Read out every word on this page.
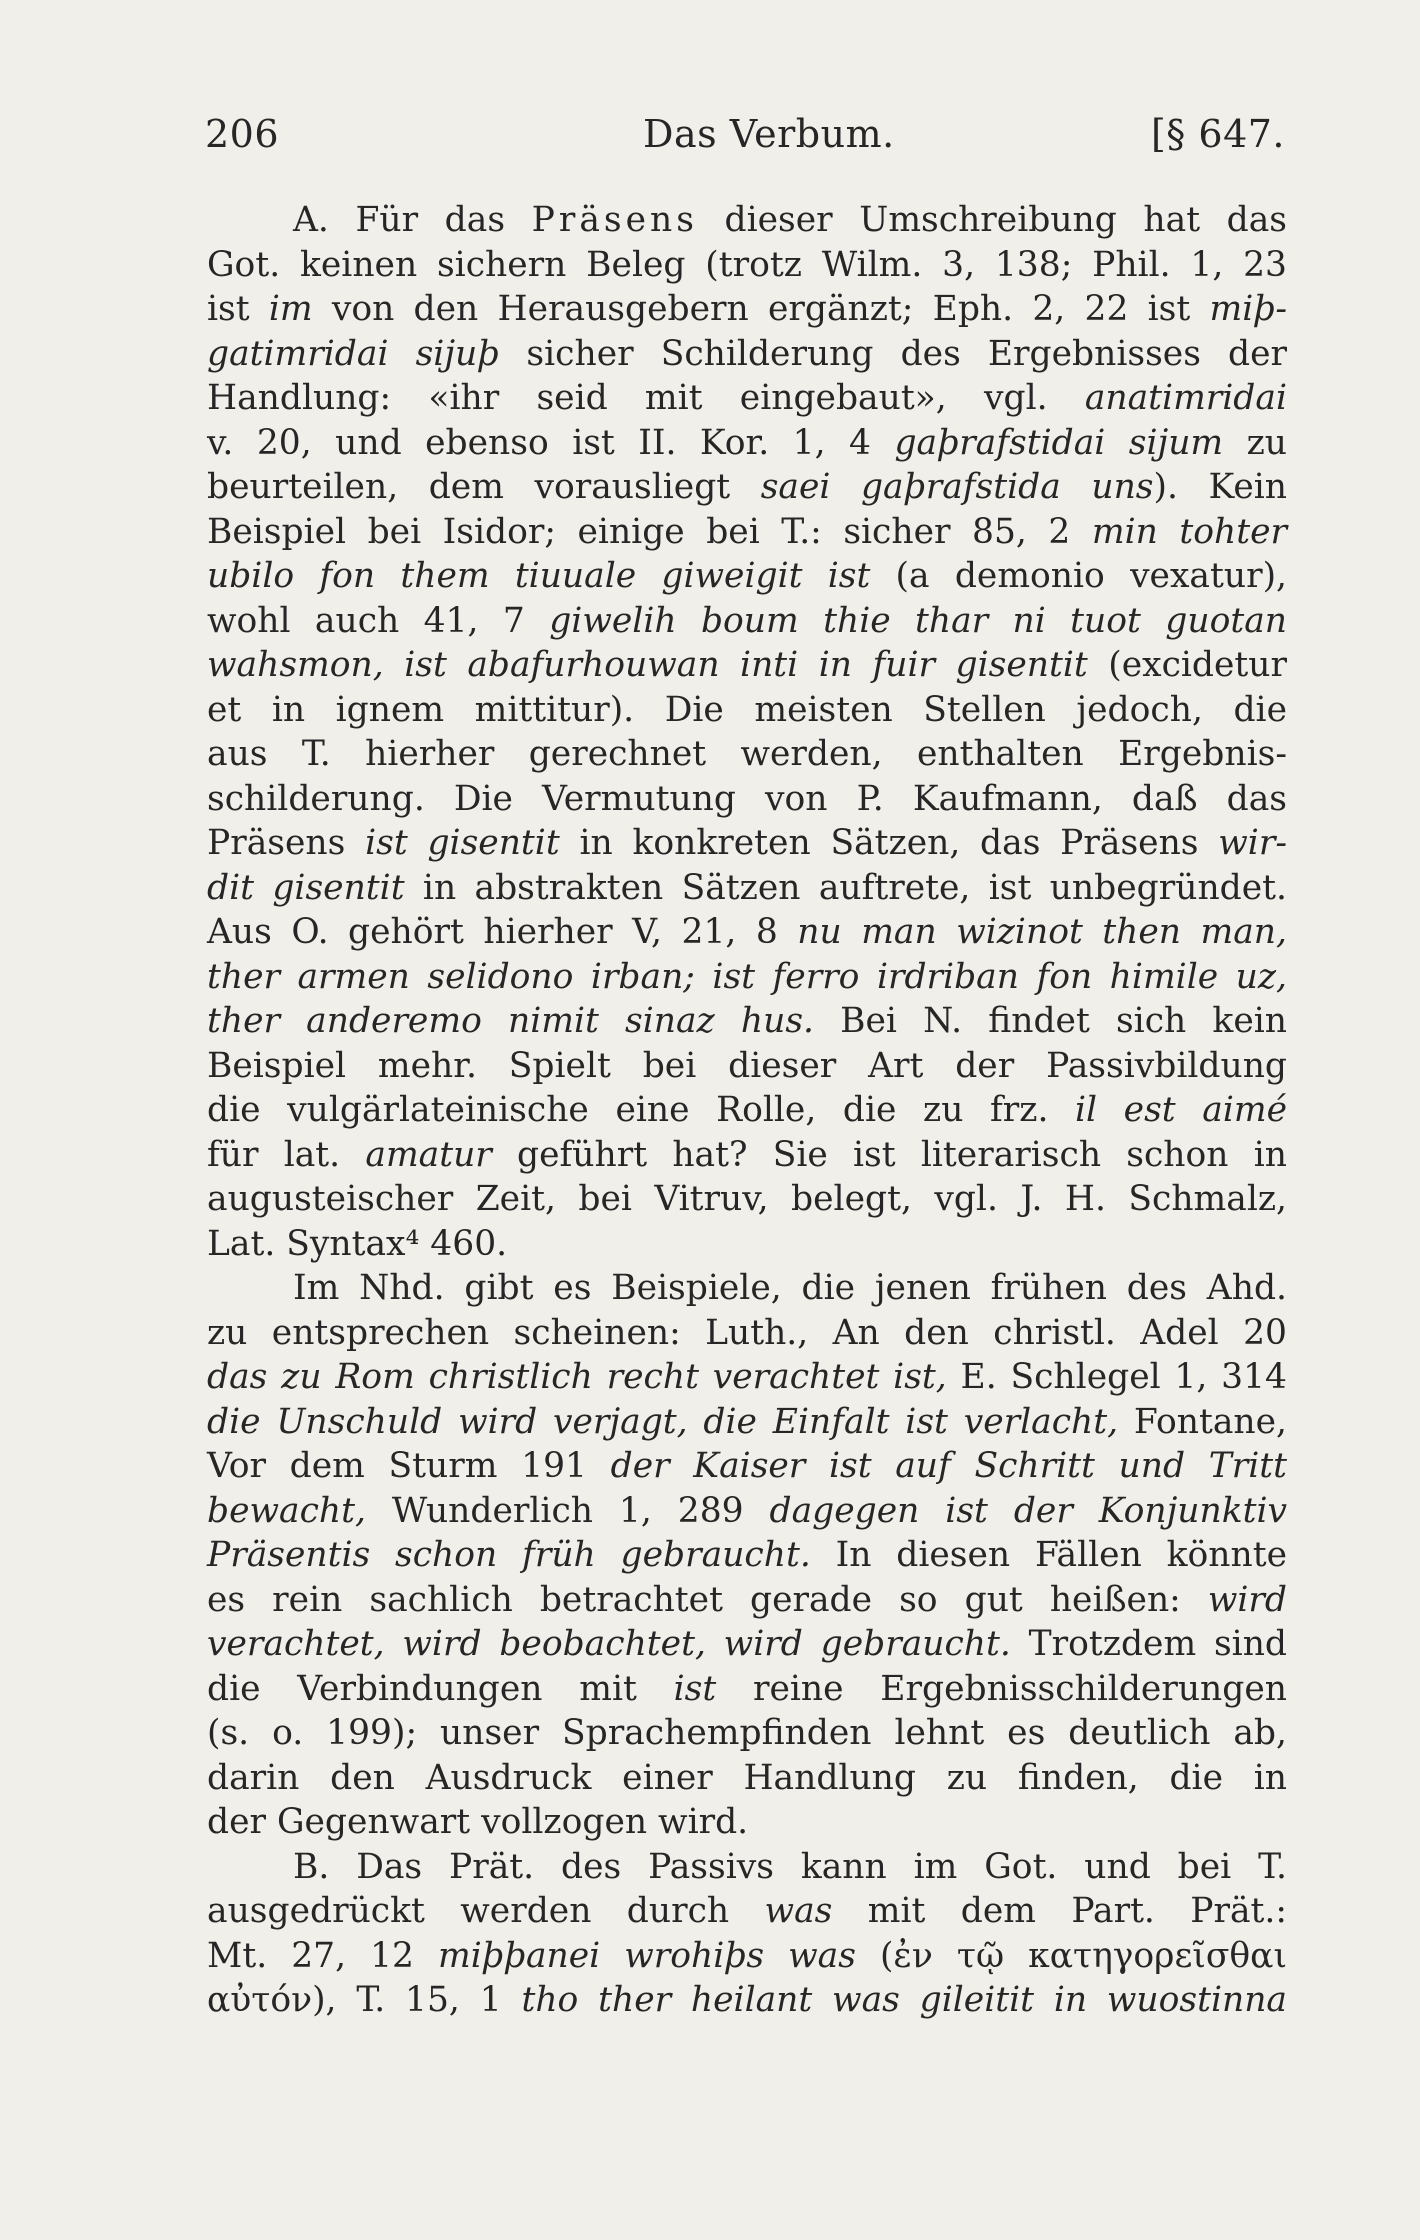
206	Das Verbum.	[§ 647.
A. Für das Präsens dieser Umschreibung hat das
Got. keinen sichern Beleg (trotz Wilm. 3, 138; Phil. 1, 23
ist im von den Herausgebern ergänzt; Eph. 2, 22 ist miþ-
gatimridai sijuþ sicher Schilderung des Ergebnisses der
Handlung: «ihr seid mit eingebaut», vgl. anatimridai
v. 20, und ebenso ist II. Kor. 1, 4 gaþrafstidai sijum zu
beurteilen, dem vorausliegt saei gaþrafstida uns). Kein
Beispiel bei Isidor; einige bei T.: sicher 85, 2 min tohter
ubilo fon them tiuuale giweigit ist (a demonio vexatur),
wohl auch 41, 7 giwelih boum thie thar ni tuot guotan
wahsmon, ist abafurhouwan inti in fuir gisentit (excidetur
et in ignem mittitur). Die meisten Stellen jedoch, die
aus T. hierher gerechnet werden, enthalten Ergebnis-
schilderung. Die Vermutung von P. Kaufmann, daß das
Präsens ist gisentit in konkreten Sätzen, das Präsens wir-
dit gisentit in abstrakten Sätzen auftrete, ist unbegründet.
Aus O. gehört hierher V, 21, 8 nu man wizinot then man,
ther armen selidono irban; ist ferro irdriban fon himile uz,
ther anderemo nimit sinaz hus. Bei N. findet sich kein
Beispiel mehr. Spielt bei dieser Art der Passivbildung
die vulgärlateinische eine Rolle, die zu frz. il est aimé
für lat. amatur geführt hat? Sie ist literarisch schon in
augusteischer Zeit, bei Vitruv, belegt, vgl. J. H. Schmalz,
Lat. Syntax⁴ 460.
Im Nhd. gibt es Beispiele, die jenen frühen des Ahd.
zu entsprechen scheinen: Luth., An den christl. Adel 20
das zu Rom christlich recht verachtet ist, E. Schlegel 1, 314
die Unschuld wird verjagt, die Einfalt ist verlacht, Fontane,
Vor dem Sturm 191 der Kaiser ist auf Schritt und Tritt
bewacht, Wunderlich 1, 289 dagegen ist der Konjunktiv
Präsentis schon früh gebraucht. In diesen Fällen könnte
es rein sachlich betrachtet gerade so gut heißen: wird
verachtet, wird beobachtet, wird gebraucht. Trotzdem sind
die Verbindungen mit ist reine Ergebnisschilderungen
(s. o. 199); unser Sprachempfinden lehnt es deutlich ab,
darin den Ausdruck einer Handlung zu finden, die in
der Gegenwart vollzogen wird.
B. Das Prät. des Passivs kann im Got. und bei T.
ausgedrückt werden durch was mit dem Part. Prät.:
Mt. 27, 12 miþþanei wrohiþs was (ἐν τῷ κατηγορεῖσθαι
αὐτόν), T. 15, 1 tho ther heilant was gileitit in wuostinna
